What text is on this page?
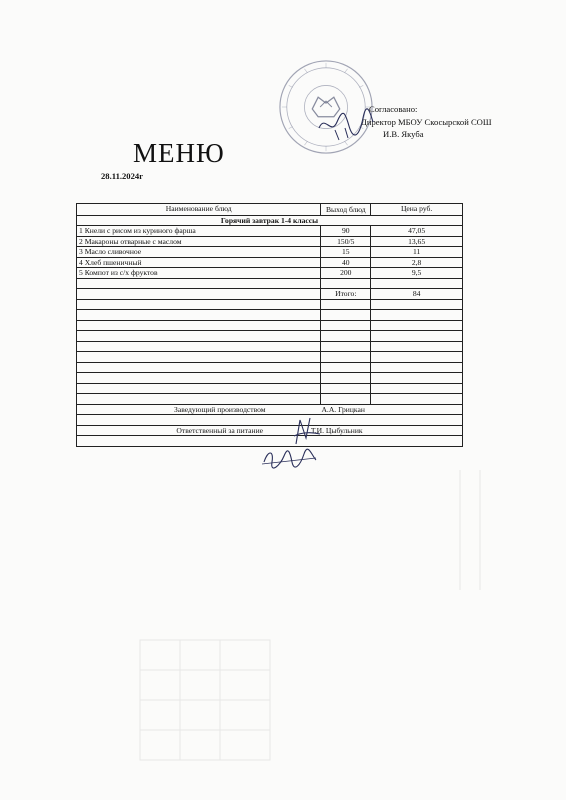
Согласовано:
Директор МБОУ Скосырской СОШ
И.В. Якуба
МЕНЮ
28.11.2024г
Наименование блюд	Выход блюд	Цена руб.
Горячий завтрак 1-4 классы		
1 Кнели с рисом из куриного фарша	90	47,05
2 Макароны отварные с маслом	150/5	13,65
3 Масло сливочное	15	11
4 Хлеб пшеничный	40	2,8
5 Компот из с/х фруктов	200	9,5

	Итого:	84

Заведующий производством А.А. Грицкан		

Ответственный за питание Т.И. Цыбульник		
